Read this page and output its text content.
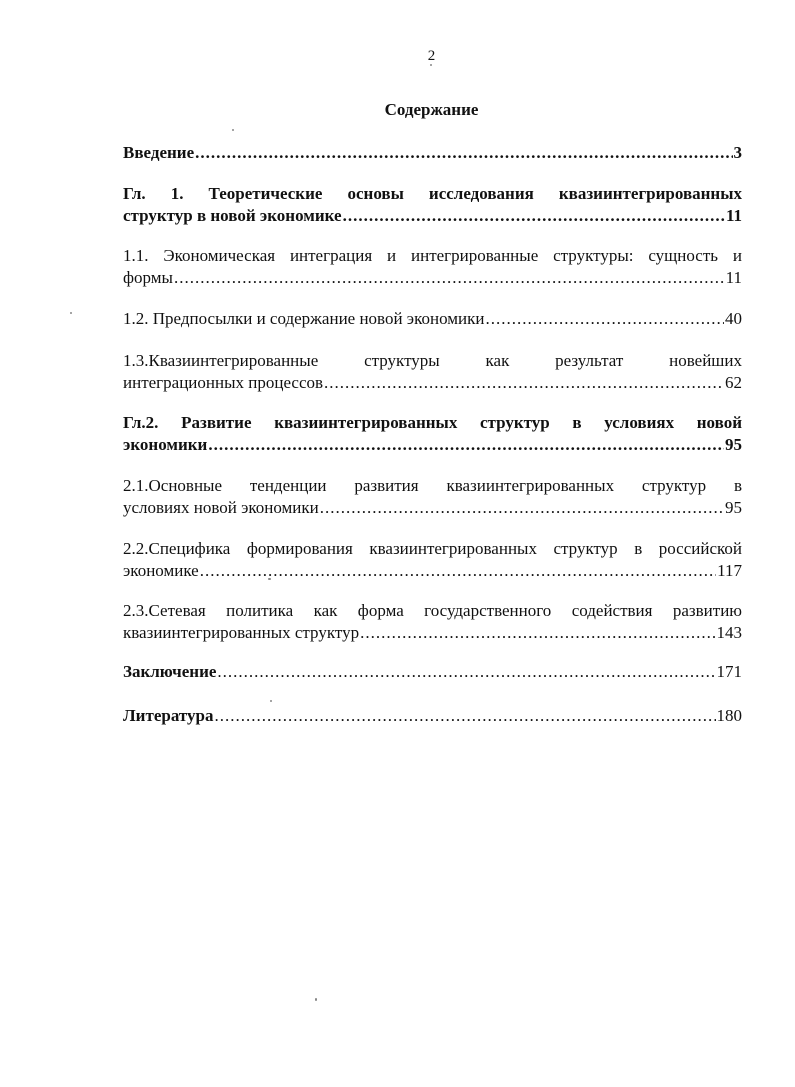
2
Содержание
Введение .....	3
Гл. 1. Теоретические основы исследования квазиинтегрированных
структур в новой экономике .....	11
1.1. Экономическая интеграция и интегрированные структуры: сущность и
формы .....	11
1.2. Предпосылки и содержание новой экономики .....	40
1.3.Квазиинтегрированные структуры как результат новейших
интеграционных процессов .....	62
Гл.2. Развитие квазиинтегрированных структур в условиях новой
экономики .....	95
2.1.Основные тенденции развития квазиинтегрированных структур в
условиях новой экономики .....	95
2.2.Специфика формирования квазиинтегрированных структур в российской
экономике .....	117
2.3.Сетевая политика как форма государственного содействия развитию
квазиинтегрированных структур .....	143
Заключение .....	171
Литература .....	180
